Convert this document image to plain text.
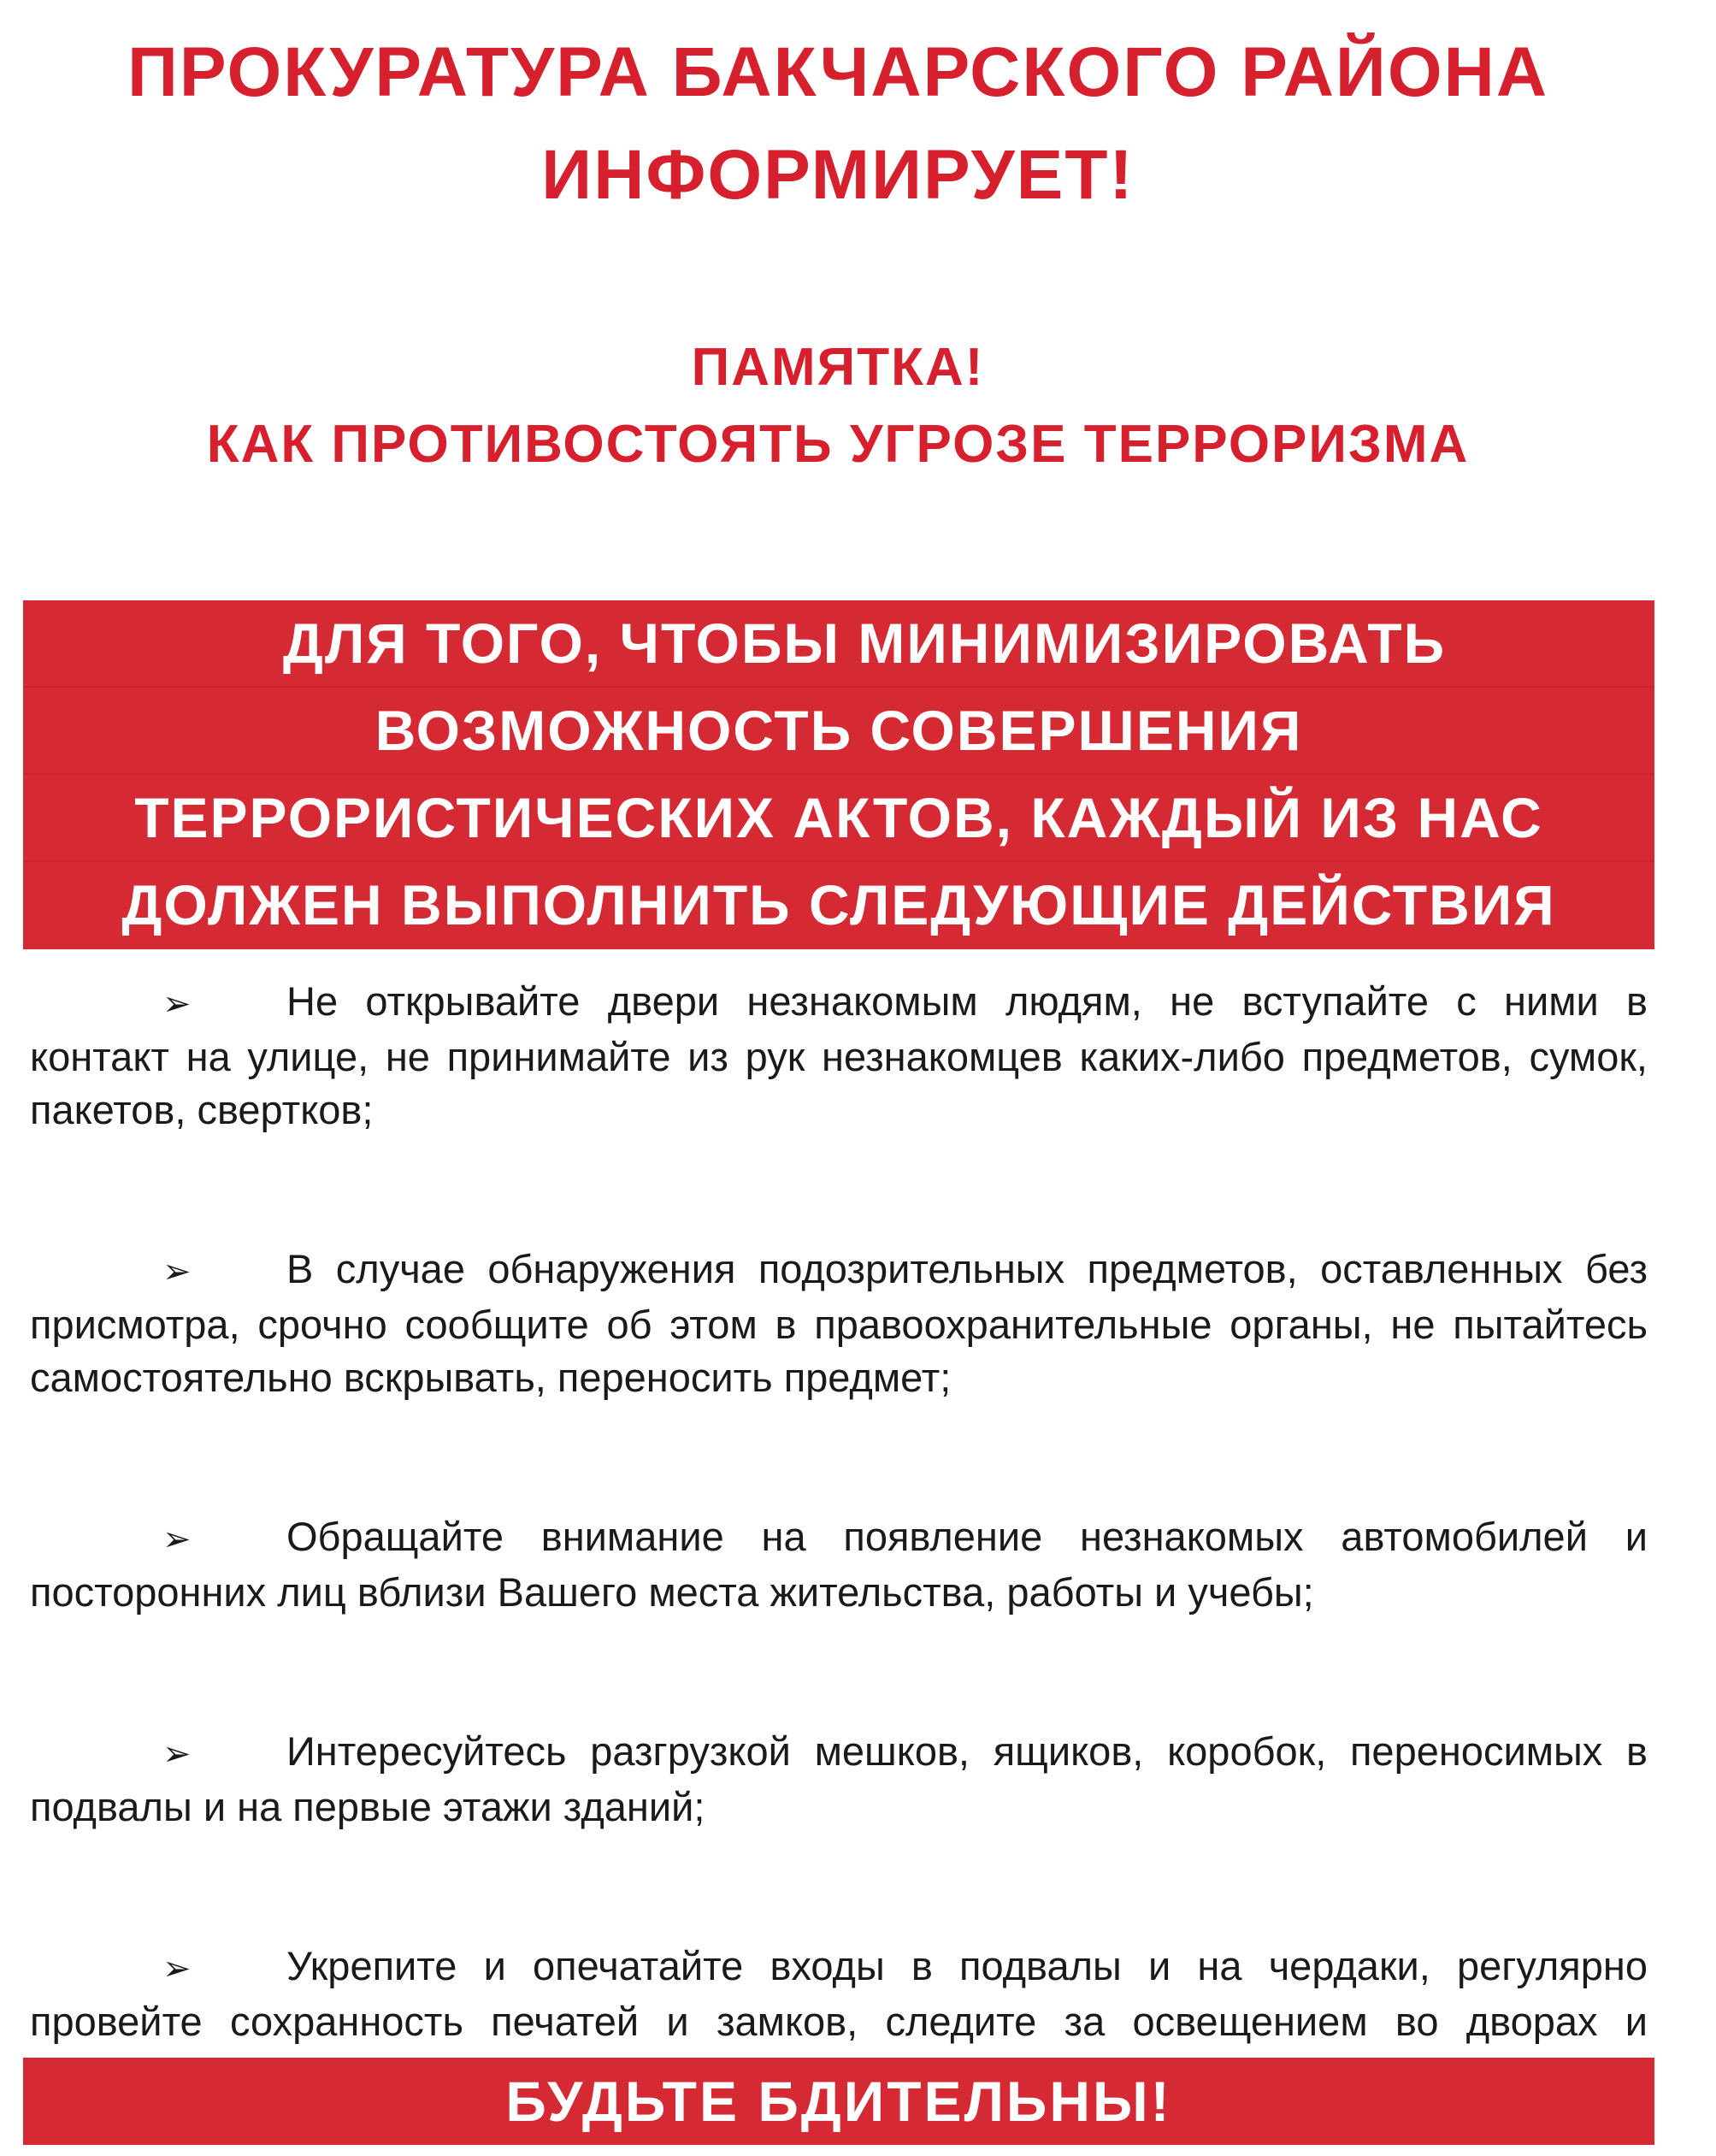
ПРОКУРАТУРА БАКЧАРСКОГО РАЙОНА
ИНФОРМИРУЕТ!
ПАМЯТКА!
КАК ПРОТИВОСТОЯТЬ УГРОЗЕ ТЕРРОРИЗМА
ДЛЯ ТОГО, ЧТОБЫ МИНИМИЗИРОВАТЬ
ВОЗМОЖНОСТЬ СОВЕРШЕНИЯ
ТЕРРОРИСТИЧЕСКИХ АКТОВ, КАЖДЫЙ ИЗ НАС
ДОЛЖЕН ВЫПОЛНИТЬ СЛЕДУЮЩИЕ ДЕЙСТВИЯ
➢ Не открывайте двери незнакомым людям, не вступайте с ними в контакт на улице, не принимайте из рук незнакомцев каких-либо предметов, сумок, пакетов, свертков;
➢ В случае обнаружения подозрительных предметов, оставленных без присмотра, срочно сообщите об этом в правоохранительные органы, не пытайтесь самостоятельно вскрывать, переносить предмет;
➢ Обращайте внимание на появление незнакомых автомобилей и посторонних лиц вблизи Вашего места жительства, работы и учебы;
➢ Интересуйтесь разгрузкой мешков, ящиков, коробок, переносимых в подвалы и на первые этажи зданий;
➢ Укрепите и опечатайте входы в подвалы и на чердаки, регулярно провейте сохранность печатей и замков, следите за освещением во дворах и
БУДЬТЕ БДИТЕЛЬНЫ!
